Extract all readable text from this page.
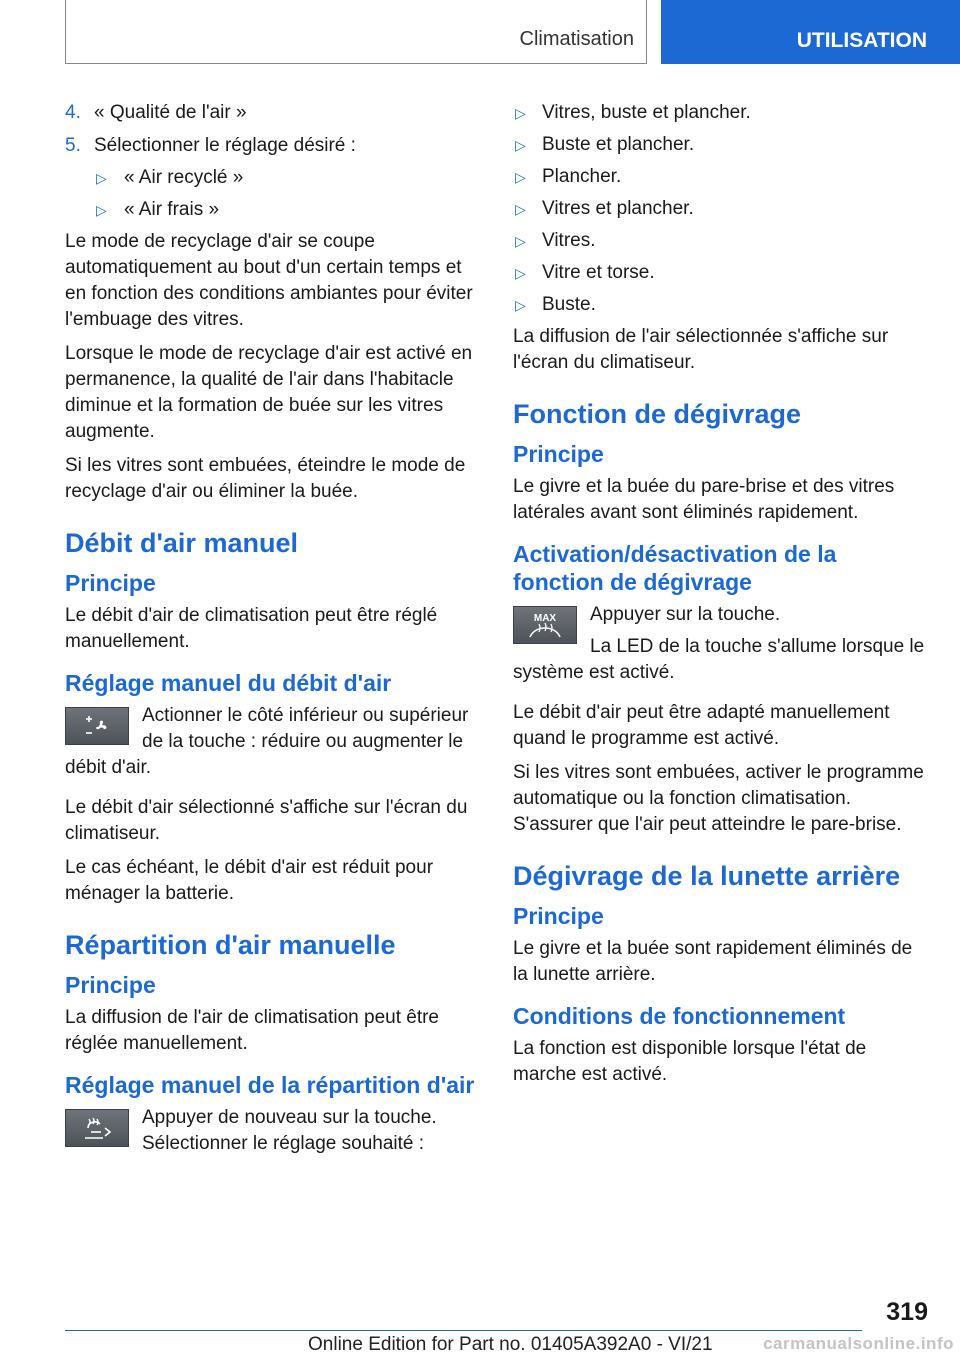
Climatisation	UTILISATION
4. « Qualité de l'air »
5. Sélectionner le réglage désiré :
▷ « Air recyclé »
▷ « Air frais »

Le mode de recyclage d'air se coupe automatiquement au bout d'un certain temps et en fonction des conditions ambiantes pour éviter l'embuage des vitres.

Lorsque le mode de recyclage d'air est activé en permanence, la qualité de l'air dans l'habitacle diminue et la formation de buée sur les vitres augmente.

Si les vitres sont embuées, éteindre le mode de recyclage d'air ou éliminer la buée.

Débit d'air manuel
Principe

Le débit d'air de climatisation peut être réglé manuellement.

Réglage manuel du débit d'air

Actionner le côté inférieur ou supérieur de la touche : réduire ou augmenter le débit d'air.

Le débit d'air sélectionné s'affiche sur l'écran du climatiseur.

Le cas échéant, le débit d'air est réduit pour ménager la batterie.

Répartition d'air manuelle
Principe

La diffusion de l'air de climatisation peut être réglée manuellement.

Réglage manuel de la répartition d'air

Appuyer de nouveau sur la touche. Sélectionner le réglage souhaité :

▷ Vitres, buste et plancher.
▷ Buste et plancher.
▷ Plancher.
▷ Vitres et plancher.
▷ Vitres.
▷ Vitre et torse.
▷ Buste.

La diffusion de l'air sélectionnée s'affiche sur l'écran du climatiseur.

Fonction de dégivrage
Principe

Le givre et la buée du pare-brise et des vitres latérales avant sont éliminés rapidement.

Activation/désactivation de la fonction de dégivrage
MAX	Appuyer sur la touche.

La LED de la touche s'allume lorsque le système est activé.

Le débit d'air peut être adapté manuellement quand le programme est activé.

Si les vitres sont embuées, activer le programme automatique ou la fonction climatisation. S'assurer que l'air peut atteindre le pare-brise.

Dégivrage de la lunette arrière
Principe

Le givre et la buée sont rapidement éliminés de la lunette arrière.

Conditions de fonctionnement

La fonction est disponible lorsque l'état de marche est activé.

319
Online Edition for Part no. 01405A392A0 - VI/21	carmanualsonline.info
